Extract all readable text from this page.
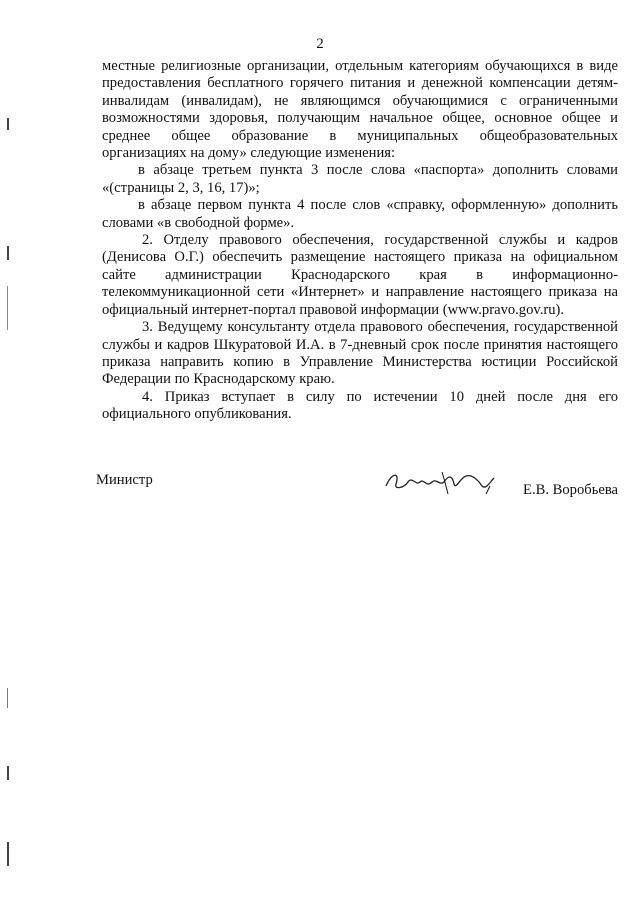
2

местные религиозные организации, отдельным категориям обучающихся в виде предоставления бесплатного горячего питания и денежной компенсации детям-инвалидам (инвалидам), не являющимся обучающимися с ограниченными возможностями здоровья, получающим начальное общее, основное общее и среднее общее образование в муниципальных общеобразовательных организациях на дому» следующие изменения:

в абзаце третьем пункта 3 после слова «паспорта» дополнить словами «(страницы 2, 3, 16, 17)»;

в абзаце первом пункта 4 после слов «справку, оформленную» дополнить словами «в свободной форме».

2. Отделу правового обеспечения, государственной службы и кадров (Денисова О.Г.) обеспечить размещение настоящего приказа на официальном сайте администрации Краснодарского края в информационно-телекоммуникационной сети «Интернет» и направление настоящего приказа на официальный интернет-портал правовой информации (www.pravo.gov.ru).

3. Ведущему консультанту отдела правового обеспечения, государственной службы и кадров Шкуратовой И.А. в 7-дневный срок после принятия настоящего приказа направить копию в Управление Министерства юстиции Российской Федерации по Краснодарскому краю.

4. Приказ вступает в силу по истечении 10 дней после дня его официального опубликования.

Министр
Е.В. Воробьева
